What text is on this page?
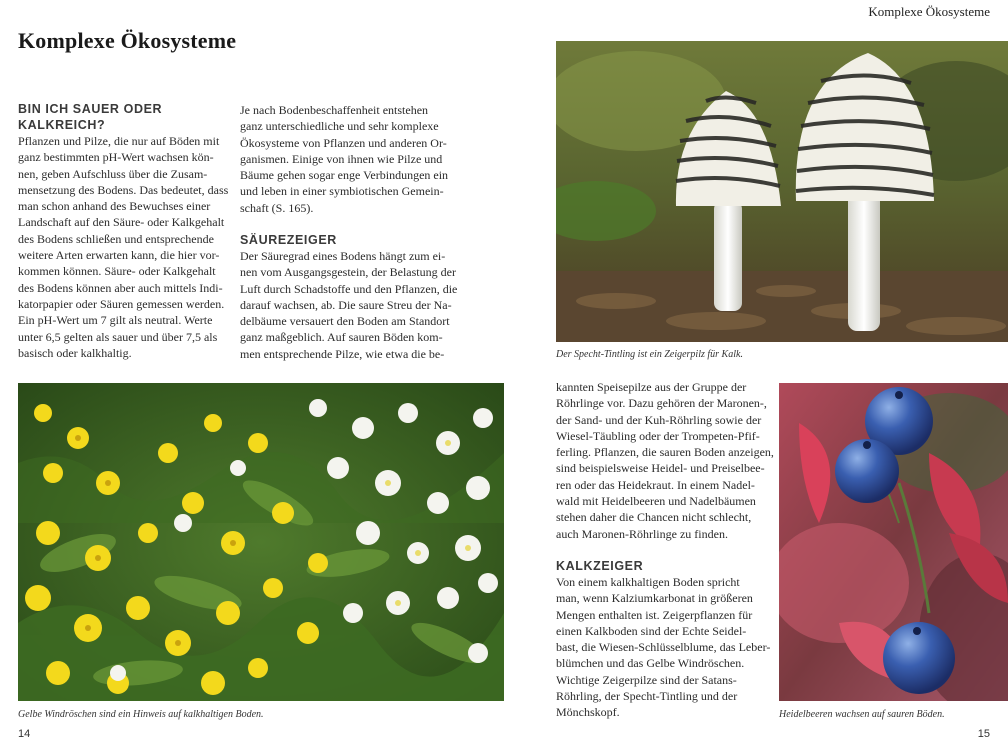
Komplexe Ökosysteme
BIN ICH SAUER ODER
KALKREICH?
Pflanzen und Pilze, die nur auf Böden mit
ganz bestimmten pH-Wert wachsen kön-
nen, geben Aufschluss über die Zusam-
mensetzung des Bodens. Das bedeutet, dass
man schon anhand des Bewuchses einer
Landschaft auf den Säure- oder Kalkgehalt
des Bodens schließen und entsprechende
weitere Arten erwarten kann, die hier vor-
kommen können. Säure- oder Kalkgehalt
des Bodens können aber auch mittels Indi-
katorpapier oder Säuren gemessen werden.
Ein pH-Wert um 7 gilt als neutral. Werte
unter 6,5 gelten als sauer und über 7,5 als
basisch oder kalkhaltig.
Je nach Bodenbeschaffenheit entstehen
ganz unterschiedliche und sehr komplexe
Ökosysteme von Pflanzen und anderen Or-
ganismen. Einige von ihnen wie Pilze und
Bäume gehen sogar enge Verbindungen ein
und leben in einer symbiotischen Gemein-
schaft (S. 165).
SÄUREZEIGER
Der Säuregrad eines Bodens hängt zum ei-
nen vom Ausgangsgestein, der Belastung der
Luft durch Schadstoffe und den Pflanzen, die
darauf wachsen, ab. Die saure Streu der Na-
delbäume versauert den Boden am Standort
ganz maßgeblich. Auf sauren Böden kom-
men entsprechende Pilze, wie etwa die be-
Gelbe Windröschen sind ein Hinweis auf kalkhaltigen Boden.
14
Komplexe Ökosysteme
Der Specht-Tintling ist ein Zeigerpilz für Kalk.
kannten Speisepilze aus der Gruppe der
Röhrlinge vor. Dazu gehören der Maronen-,
der Sand- und der Kuh-Röhrling sowie der
Wiesel-Täubling oder der Trompeten-Pfif-
ferling. Pflanzen, die sauren Boden anzeigen,
sind beispielsweise Heidel- und Preiselbee-
ren oder das Heidekraut. In einem Nadel-
wald mit Heidelbeeren und Nadelbäumen
stehen daher die Chancen nicht schlecht,
auch Maronen-Röhrlinge zu finden.
KALKZEIGER
Von einem kalkhaltigen Boden spricht
man, wenn Kalziumkarbonat in größeren
Mengen enthalten ist. Zeigerpflanzen für
einen Kalkboden sind der Echte Seidel-
bast, die Wiesen-Schlüsselblume, das Leber-
blümchen und das Gelbe Windröschen.
Wichtige Zeigerpilze sind der Satans-
Röhrling, der Specht-Tintling und der
Mönchskopf.	Heidelbeeren wachsen auf sauren Böden.
15
